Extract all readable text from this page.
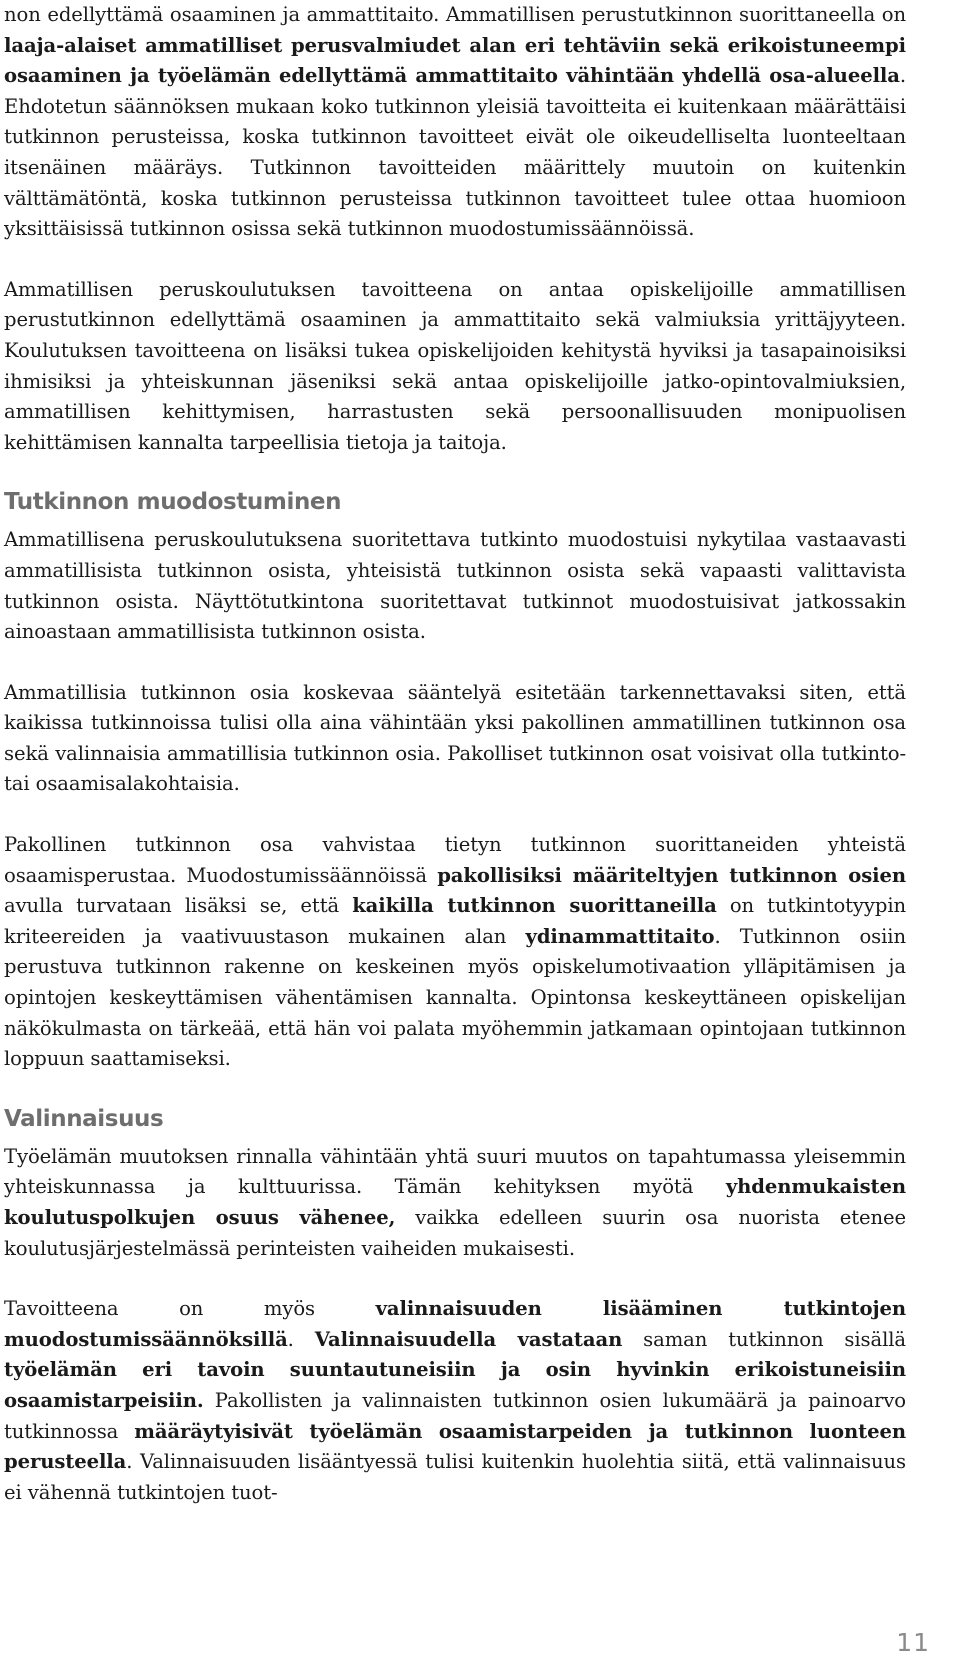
non edellyttämä osaaminen ja ammattitaito. Ammatillisen perustutkinnon suorittaneella on laaja-alaiset ammatilliset perusvalmiudet alan eri tehtäviin sekä erikoistuneempi osaaminen ja työelämän edellyttämä ammattitaito vähintään yhdellä osa-alueella. Ehdotetun säännöksen mukaan koko tutkinnon yleisiä tavoitteita ei kuitenkaan määrättäisi tutkinnon perusteissa, koska tutkinnon tavoitteet eivät ole oikeudelliselta luonteeltaan itsenäinen määräys. Tutkinnon tavoitteiden määrittely muutoin on kuitenkin välttämätöntä, koska tutkinnon perusteissa tutkinnon tavoitteet tulee ottaa huomioon yksittäisissä tutkinnon osissa sekä tutkinnon muodostumissäännöissä.

Ammatillisen peruskoulutuksen tavoitteena on antaa opiskelijoille ammatillisen perustutkinnon edellyttämä osaaminen ja ammattitaito sekä valmiuksia yrittäjyyteen. Koulutuksen tavoitteena on lisäksi tukea opiskelijoiden kehitystä hyviksi ja tasapainoisiksi ihmisiksi ja yhteiskunnan jäseniksi sekä antaa opiskelijoille jatko-opintovalmiuksien, ammatillisen kehittymisen, harrastusten sekä persoonallisuuden monipuolisen kehittämisen kannalta tarpeellisia tietoja ja taitoja.

Tutkinnon muodostuminen

Ammatillisena peruskoulutuksena suoritettava tutkinto muodostuisi nykytilaa vastaavasti ammatillisista tutkinnon osista, yhteisistä tutkinnon osista sekä vapaasti valittavista tutkinnon osista. Näyttötutkintona suoritettavat tutkinnot muodostuisivat jatkossakin ainoastaan ammatillisista tutkinnon osista.

Ammatillisia tutkinnon osia koskevaa sääntelyä esitetään tarkennettavaksi siten, että kaikissa tutkinnoissa tulisi olla aina vähintään yksi pakollinen ammatillinen tutkinnon osa sekä valinnaisia ammatillisia tutkinnon osia. Pakolliset tutkinnon osat voisivat olla tutkinto- tai osaamisalakohtaisia.

Pakollinen tutkinnon osa vahvistaa tietyn tutkinnon suorittaneiden yhteistä osaamisperustaa. Muodostumissäännöissä pakollisiksi määriteltyjen tutkinnon osien avulla turvataan lisäksi se, että kaikilla tutkinnon suorittaneilla on tutkintotyypin kriteereiden ja vaativuustason mukainen alan ydinammattitaito. Tutkinnon osiin perustuva tutkinnon rakenne on keskeinen myös opiskelumotivaation ylläpitämisen ja opintojen keskeyttämisen vähentämisen kannalta. Opintonsa keskeyttäneen opiskelijan näkökulmasta on tärkeää, että hän voi palata myöhemmin jatkamaan opintojaan tutkinnon loppuun saattamiseksi.

Valinnaisuus

Työelämän muutoksen rinnalla vähintään yhtä suuri muutos on tapahtumassa yleisemmin yhteiskunnassa ja kulttuurissa. Tämän kehityksen myötä yhdenmukaisten koulutuspolkujen osuus vähenee, vaikka edelleen suurin osa nuorista etenee koulutusjärjestelmässä perinteisten vaiheiden mukaisesti.

Tavoitteena on myös valinnaisuuden lisääminen tutkintojen muodostumissäännöksillä. Valinnaisuudella vastataan saman tutkinnon sisällä työelämän eri tavoin suuntautuneisiin ja osin hyvinkin erikoistuneisiin osaamistarpeisiin. Pakollisten ja valinnaisten tutkinnon osien lukumäärä ja painoarvo tutkinnossa määräytyisivät työelämän osaamistarpeiden ja tutkinnon luonteen perusteella. Valinnaisuuden lisääntyessä tulisi kuitenkin huolehtia siitä, että valinnaisuus ei vähennä tutkintojen tuot-

11
